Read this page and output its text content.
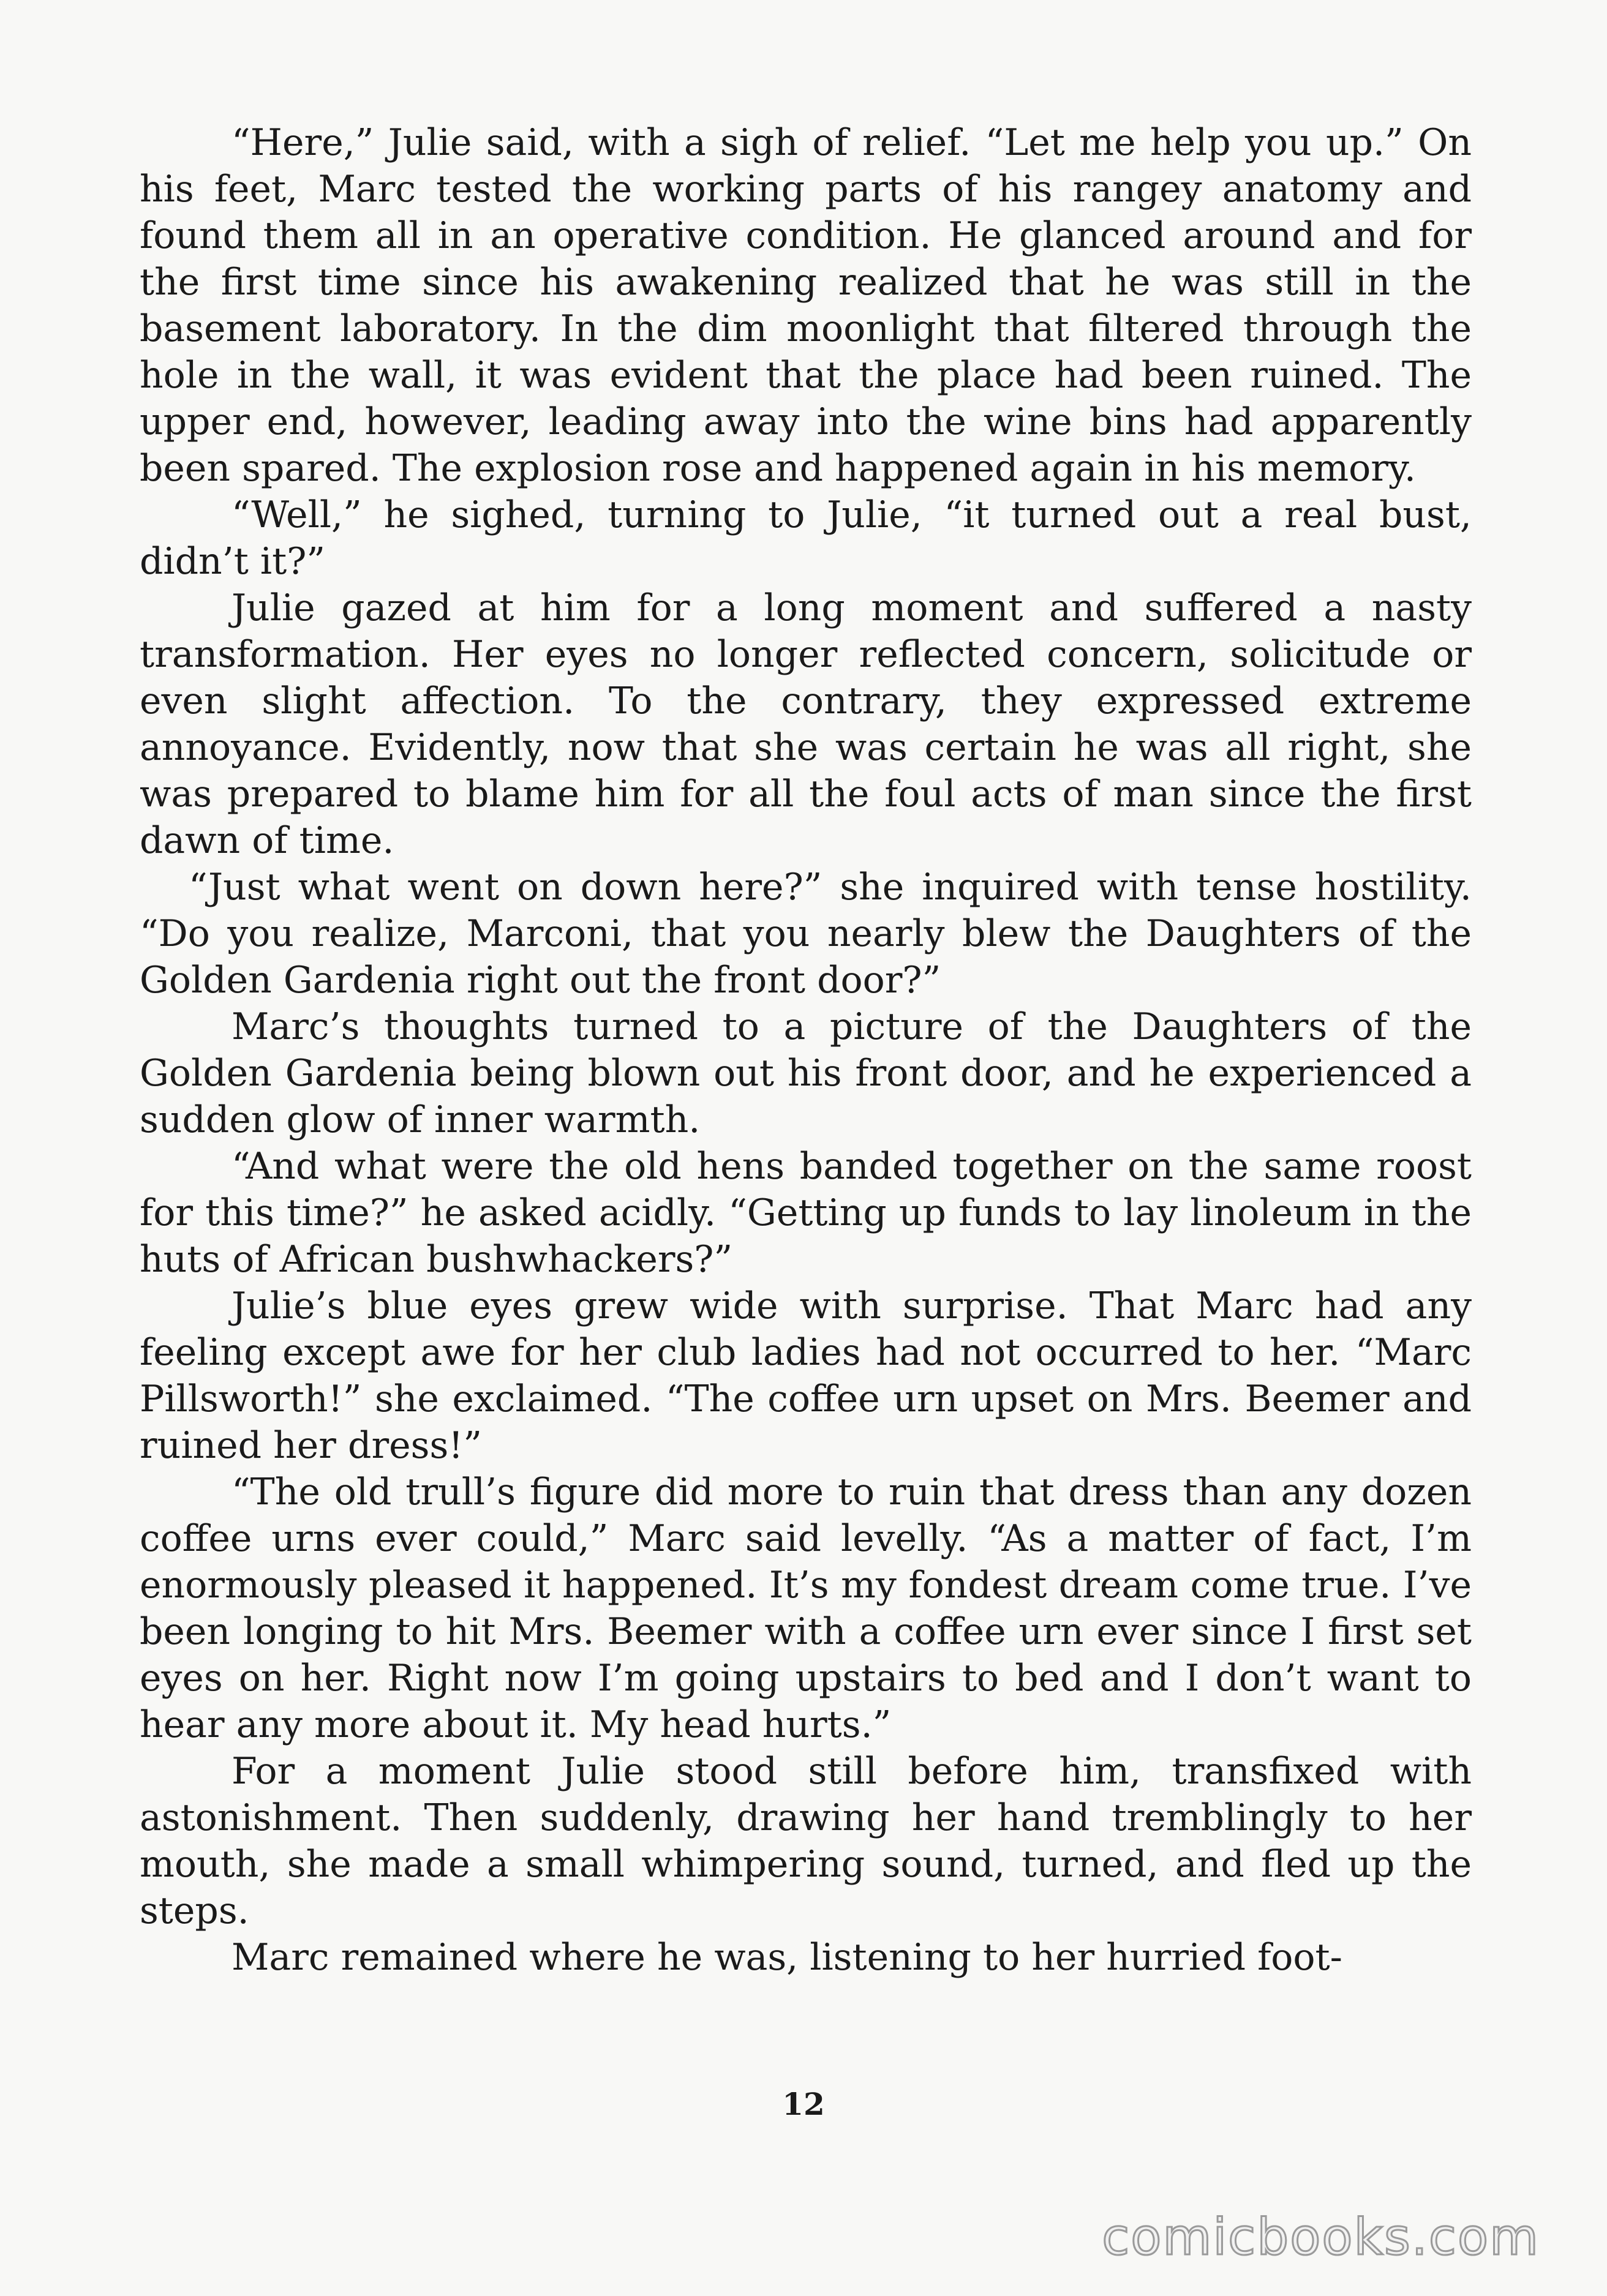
“Here,” Julie said, with a sigh of relief. “Let me help you up.” On his feet, Marc tested the working parts of his rangey anatomy and found them all in an operative condition. He glanced around and for the first time since his awakening realized that he was still in the basement laboratory. In the dim moonlight that filtered through the hole in the wall, it was evident that the place had been ruined. The upper end, however, leading away into the wine bins had apparently been spared. The explosion rose and happened again in his memory.

“Well,” he sighed, turning to Julie, “it turned out a real bust, didn’t it?”

Julie gazed at him for a long moment and suffered a nasty transformation. Her eyes no longer reflected concern, solicitude or even slight affection. To the contrary, they expressed extreme annoyance. Evidently, now that she was certain he was all right, she was prepared to blame him for all the foul acts of man since the first dawn of time.

“Just what went on down here?” she inquired with tense hostility. “Do you realize, Marconi, that you nearly blew the Daughters of the Golden Gardenia right out the front door?”

Marc’s thoughts turned to a picture of the Daughters of the Golden Gardenia being blown out his front door, and he experienced a sudden glow of inner warmth.

“And what were the old hens banded together on the same roost for this time?” he asked acidly. “Getting up funds to lay linoleum in the huts of African bushwhackers?”

Julie’s blue eyes grew wide with surprise. That Marc had any feeling except awe for her club ladies had not occurred to her. “Marc Pillsworth!” she exclaimed. “The coffee urn upset on Mrs. Beemer and ruined her dress!”

“The old trull’s figure did more to ruin that dress than any dozen coffee urns ever could,” Marc said levelly. “As a matter of fact, I’m enormously pleased it happened. It’s my fondest dream come true. I’ve been longing to hit Mrs. Beemer with a coffee urn ever since I first set eyes on her. Right now I’m going upstairs to bed and I don’t want to hear any more about it. My head hurts.”

For a moment Julie stood still before him, transfixed with astonishment. Then suddenly, drawing her hand tremblingly to her mouth, she made a small whimpering sound, turned, and fled up the steps.

Marc remained where he was, listening to her hurried foot-

12
comicbooks.com
